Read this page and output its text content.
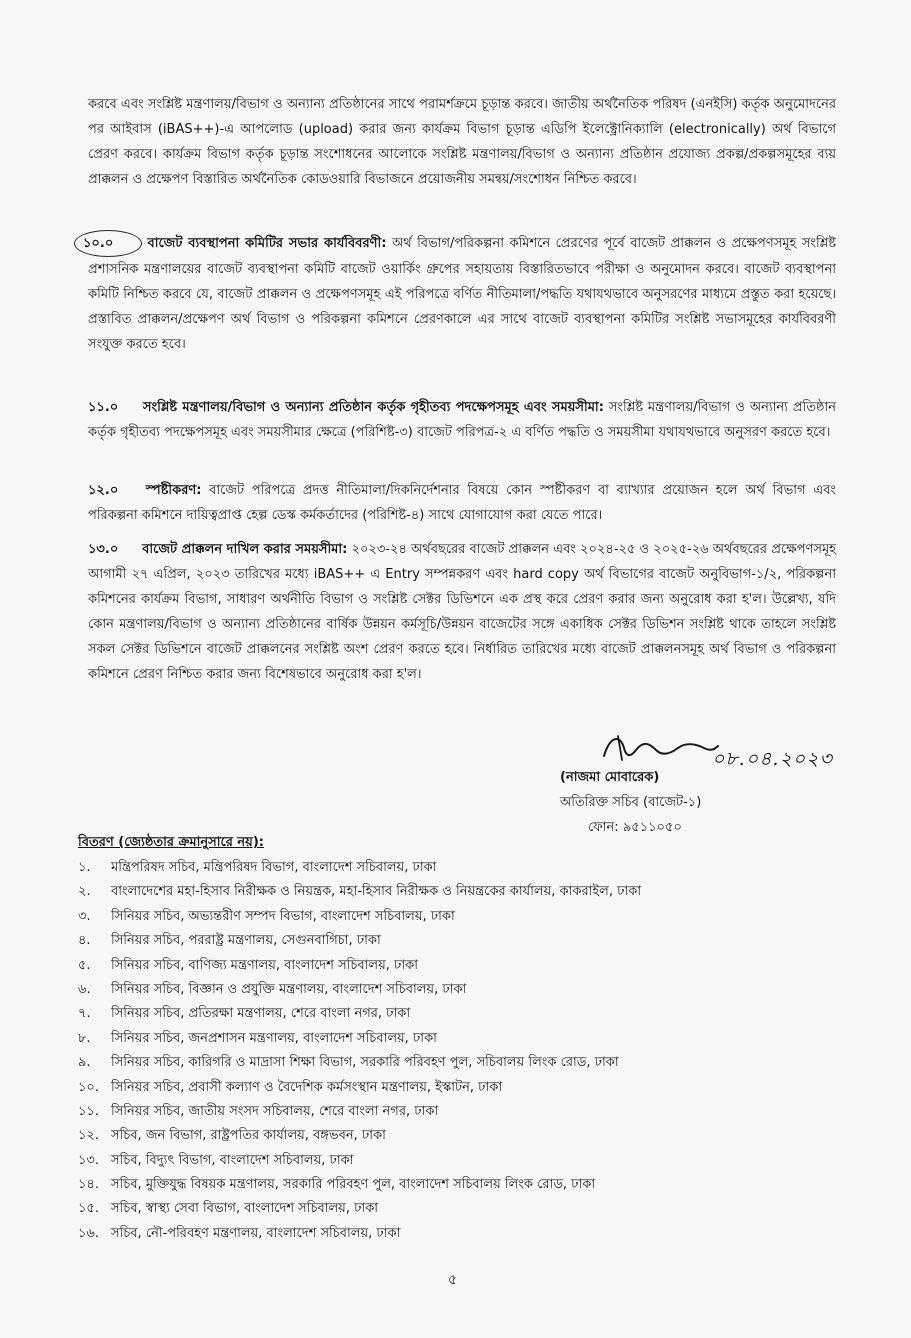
করবে এবং সংশ্লিষ্ট মন্ত্রণালয়/বিভাগ ও অন্যান্য প্রতিষ্ঠানের সাথে পরামর্শক্রমে চূড়ান্ত করবে। জাতীয় অর্থনৈতিক পরিষদ (এনইসি) কর্তৃক অনুমোদনের পর আইবাস (iBAS++)-এ আপলোড (upload) করার জন্য কার্যক্রম বিভাগ চূড়ান্ত এডিপি ইলেক্ট্রোনিক্যালি (electronically) অর্থ বিভাগে প্রেরণ করবে। কার্যক্রম বিভাগ কর্তৃক চূড়ান্ত সংশোধনের আলোকে সংশ্লিষ্ট মন্ত্রণালয়/বিভাগ ও অন্যান্য প্রতিষ্ঠান প্রযোজ্য প্রকল্প/প্রকল্পসমূহের ব্যয় প্রাক্কলন ও প্রক্ষেপণ বিস্তারিত অর্থনৈতিক কোডওয়ারি বিভাজনে প্রয়োজনীয় সমন্বয়/সংশোধন নিশ্চিত করবে।

১০.০	বাজেট ব্যবস্থাপনা কমিটির সভার কার্যবিবরণী: অর্থ বিভাগ/পরিকল্পনা কমিশনে প্রেরণের পূর্বে বাজেট প্রাক্কলন ও প্রক্ষেপণসমূহ সংশ্লিষ্ট প্রশাসনিক মন্ত্রণালয়ের বাজেট ব্যবস্থাপনা কমিটি বাজেট ওয়ার্কিং গ্রুপের সহায়তায় বিস্তারিতভাবে পরীক্ষা ও অনুমোদন করবে। বাজেট ব্যবস্থাপনা কমিটি নিশ্চিত করবে যে, বাজেট প্রাক্কলন ও প্রক্ষেপণসমূহ এই পরিপত্রে বর্ণিত নীতিমালা/পদ্ধতি যথাযথভাবে অনুসরণের মাধ্যমে প্রস্তুত করা হয়েছে। প্রস্তাবিত প্রাক্কলন/প্রক্ষেপণ অর্থ বিভাগ ও পরিকল্পনা কমিশনে প্রেরণকালে এর সাথে বাজেট ব্যবস্থাপনা কমিটির সংশ্লিষ্ট সভাসমূহের কার্যবিবরণী সংযুক্ত করতে হবে।

১১.০ সংশ্লিষ্ট মন্ত্রণালয়/বিভাগ ও অন্যান্য প্রতিষ্ঠান কর্তৃক গৃহীতব্য পদক্ষেপসমূহ এবং সময়সীমা: সংশ্লিষ্ট মন্ত্রণালয়/বিভাগ ও অন্যান্য প্রতিষ্ঠান কর্তৃক গৃহীতব্য পদক্ষেপসমূহ এবং সময়সীমার ক্ষেত্রে (পরিশিষ্ট-৩) বাজেট পরিপত্র-২ এ বর্ণিত পদ্ধতি ও সময়সীমা যথাযথভাবে অনুসরণ করতে হবে।

১২.০ স্পষ্টীকরণ: বাজেট পরিপত্রে প্রদত্ত নীতিমালা/দিকনির্দেশনার বিষয়ে কোন স্পষ্টীকরণ বা ব্যাখ্যার প্রয়োজন হলে অর্থ বিভাগ এবং পরিকল্পনা কমিশনে দায়িত্বপ্রাপ্ত হেল্প ডেস্ক কর্মকর্তাদের (পরিশিষ্ট-৪) সাথে যোগাযোগ করা যেতে পারে।

১৩.০ বাজেট প্রাক্কলন দাখিল করার সময়সীমা: ২০২৩-২৪ অর্থবছরের বাজেট প্রাক্কলন এবং ২০২৪-২৫ ও ২০২৫-২৬ অর্থবছরের প্রক্ষেপণসমূহ আগামী ২৭ এপ্রিল, ২০২৩ তারিখের মধ্যে iBAS++ এ Entry সম্পন্নকরণ এবং hard copy অর্থ বিভাগের বাজেট অনুবিভাগ-১/২, পরিকল্পনা কমিশনের কার্যক্রম বিভাগ, সাধারণ অর্থনীতি বিভাগ ও সংশ্লিষ্ট সেক্টর ডিভিশনে এক প্রস্থ করে প্রেরণ করার জন্য অনুরোধ করা হ'ল। উল্লেখ্য, যদি কোন মন্ত্রণালয়/বিভাগ ও অন্যান্য প্রতিষ্ঠানের বার্ষিক উন্নয়ন কর্মসূচি/উন্নয়ন বাজেটের সঙ্গে একাধিক সেক্টর ডিভিশন সংশ্লিষ্ট থাকে তাহলে সংশ্লিষ্ট সকল সেক্টর ডিভিশনে বাজেট প্রাক্কলনের সংশ্লিষ্ট অংশ প্রেরণ করতে হবে। নির্ধারিত তারিখের মধ্যে বাজেট প্রাক্কলনসমূহ অর্থ বিভাগ ও পরিকল্পনা কমিশনে প্রেরণ নিশ্চিত করার জন্য বিশেষভাবে অনুরোধ করা হ'ল।

০৮.০৪.২০২৩
(নাজমা মোবারেক)
অতিরিক্ত সচিব (বাজেট-১)
ফোন: ৯৫১১০৫০
বিতরণ (জ্যেষ্ঠতার ক্রমানুসারে নয়):
১.	মন্ত্রিপরিষদ সচিব, মন্ত্রিপরিষদ বিভাগ, বাংলাদেশ সচিবালয়, ঢাকা
২.	বাংলাদেশের মহা-হিসাব নিরীক্ষক ও নিয়ন্ত্রক, মহা-হিসাব নিরীক্ষক ও নিয়ন্ত্রকের কার্যালয়, কাকরাইল, ঢাকা
৩.	সিনিয়র সচিব, অভ্যন্তরীণ সম্পদ বিভাগ, বাংলাদেশ সচিবালয়, ঢাকা
৪.	সিনিয়র সচিব, পররাষ্ট্র মন্ত্রণালয়, সেগুনবাগিচা, ঢাকা
৫.	সিনিয়র সচিব, বাণিজ্য মন্ত্রণালয়, বাংলাদেশ সচিবালয়, ঢাকা
৬.	সিনিয়র সচিব, বিজ্ঞান ও প্রযুক্তি মন্ত্রণালয়, বাংলাদেশ সচিবালয়, ঢাকা
৭.	সিনিয়র সচিব, প্রতিরক্ষা মন্ত্রণালয়, শেরে বাংলা নগর, ঢাকা
৮.	সিনিয়র সচিব, জনপ্রশাসন মন্ত্রণালয়, বাংলাদেশ সচিবালয়, ঢাকা
৯.	সিনিয়র সচিব, কারিগরি ও মাদ্রাসা শিক্ষা বিভাগ, সরকারি পরিবহণ পুল, সচিবালয় লিংক রোড, ঢাকা
১০. সিনিয়র সচিব, প্রবাসী কল্যাণ ও বৈদেশিক কর্মসংস্থান মন্ত্রণালয়, ইস্কাটন, ঢাকা
১১. সিনিয়র সচিব, জাতীয় সংসদ সচিবালয়, শেরে বাংলা নগর, ঢাকা
১২. সচিব, জন বিভাগ, রাষ্ট্রপতির কার্যালয়, বঙ্গভবন, ঢাকা
১৩. সচিব, বিদ্যুৎ বিভাগ, বাংলাদেশ সচিবালয়, ঢাকা
১৪. সচিব, মুক্তিযুদ্ধ বিষয়ক মন্ত্রণালয়, সরকারি পরিবহণ পুল, বাংলাদেশ সচিবালয় লিংক রোড, ঢাকা
১৫. সচিব, স্বাস্থ্য সেবা বিভাগ, বাংলাদেশ সচিবালয়, ঢাকা
১৬. সচিব, নৌ-পরিবহণ মন্ত্রণালয়, বাংলাদেশ সচিবালয়, ঢাকা
৫
